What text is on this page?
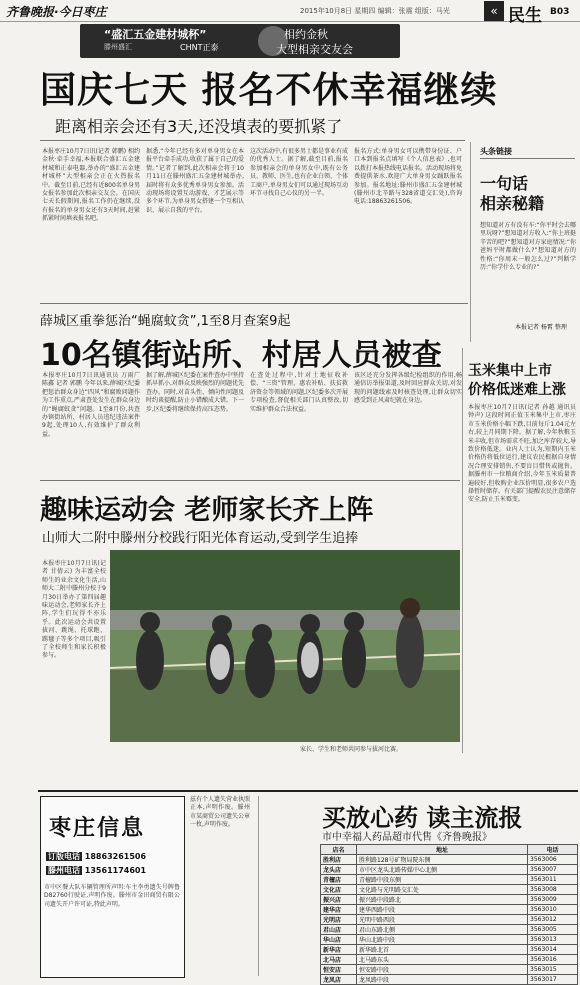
齐鲁晚报·今日枣庄	2015年10月8日 星期四 编辑：张震 组版：马光	« 民生 B03
“盛汇五金建材城杯”
滕州盛汇	CHNT正泰
相约金秋
大型相亲交友会
国庆七天 报名不休幸福继续
距离相亲会还有3天,还没填表的要抓紧了
本报枣庄10月7日讯(记者 韩鹏) 相约金秋·牵手幸福,本报联合盛汇五金建材城和正泰电器,举办的“盛汇五金建材城杯”大型相亲会正在火热报名中。截至目前,已经有近800名单身男女报名参加此次相亲交友会。在国庆七天长假期间,报名工作仍在继续,没有报名的单身男女还有3天时间,赶紧抓紧时间填表报名吧。
据悉,“今年已经有多对单身男女在本报平台牵手成功,收获了属于自己的爱情。”记者了解到,此次相亲会将于10月11日在滕州盛汇五金建材城举办,届时将有众多优秀单身男女参加。活动现场将设置互动游戏、才艺展示等多个环节,为单身男女搭建一个互相认识、展示自我的平台。
这次活动中,有很多男士都是事业有成的优秀人士。据了解,截至目前,报名参加相亲会的单身男女中,既有公务员、教师、医生,也有企业白领、个体工商户,单身男女们可以通过现场互动环节寻找自己心仪的另一半。
报名方式:单身男女可以携带身份证、户口本到报名点填写《个人信息表》,也可以拨打本报热线电话报名。活动现场将免费提供茶水,欢迎广大单身男女踊跃报名参加。报名地址:滕州市盛汇五金建材城(滕州市北辛路与328省道交汇处),咨询电话:18863261506。
头条链接
一句话
相亲秘籍
想知道对方有没有车:“你平时会去哪里玩呀?”想知道对方收入:“你上班挺辛苦的吧?”想知道对方家庭情况:“你爸妈平时都做什么?”想知道对方的性格:“你周末一般怎么过?”判断学历:“你学什么专业的?”
本报记者 杨霄 整理
薛城区重拳惩治“蝇腐蚊贪”,1至8月查案9起
10名镇街站所、村居人员被查
本报枣庄10月7日讯通讯员 万雨广 陈鑫 记者 郭鹏 今年以来,薛城区纪委把惩治群众身边“四风”和腐败问题作为工作重点,严肃查处发生在群众身边的“蝇腐蚊贪”问题。1至8月份,共查办镇街站所、村居人员违纪违法案件9起,处理10人,有效维护了群众利益。
据了解,薛城区纪委在案件查办中坚持抓早抓小,对群众反映强烈的问题优先查办。同时,对苗头性、倾向性问题及时约谈提醒,防止小错酿成大错。下一步,区纪委将继续保持高压态势。
在查处过程中,针对土地征收补偿、“三资”管理、惠农补贴、扶贫救济资金等领域的问题,区纪委多次开展专项检查,督促相关部门认真整改,切实维护群众合法权益。
该区还充分发挥各级纪检组织的作用,畅通信访举报渠道,及时回应群众关切,对发现的问题线索及时核查处理,让群众切实感受到正风肃纪就在身边。
玉米集中上市
价格低迷难上涨
本报枣庄10月7日讯(记者 孙越 通讯员 钟声) 这段时间正值玉米集中上市,枣庄市玉米价格小幅下跌,目前每斤1.04元左右,较上月同期下降。据了解,今年秋粮玉米丰收,但市场需求不旺,加之库存较大,导致价格低迷。业内人士认为,短期内玉米价格仍将低位运行,建议农民根据自身情况合理安排销售,不要盲目惜售或抛售。据滕州市一位粮商介绍,今年玉米质量普遍较好,但收购企业压价明显,很多农户选择暂时储存。有关部门提醒农民注意储存安全,防止玉米霉变。
趣味运动会 老师家长齐上阵
山师大二附中滕州分校践行阳光体育运动,受到学生追捧
本报枣庄10月7日讯(记者 甘倩云) 为丰富全校师生的业余文化生活,山师大二附中滕州分校于9月30日举办了第四届趣味运动会,老师家长齐上阵,学生们玩得不亦乐乎。此次运动会共设置拔河、跳绳、托球跑、踢毽子等多个项目,吸引了全校师生和家长积极参与。
家长、学生和老师共同参与拔河比赛。
枣庄信息
订版电话 18863261506
滕州电话 13561174601
市中区餐大队车辆管理所声明:车主李勇遗失号牌鲁D82760行驶证,声明作废。滕州市金田商贸有限公司遗失开户许可证,特此声明。
兹有个人遗失营业执照正本,声明作废。滕州市某商贸公司遗失公章一枚,声明作废。	买放心药 读主流报
市中幸福人药品超市代售《齐鲁晚报》
店名	地址	电话
胜利店	胜利路128号矿物局院东侧	3563006
龙头店	市中区龙头北路传媒中心北侧	3563007
青檀店	青檀路中段东侧	3563011
文化店	文化路与光明路交汇处	3563008
振兴店	振兴路中段路北	3563009
建华店	建华西路中段	3563010
光明店	光明中路西段	3563012
君山店	君山东路北侧	3563005
华山店	华山北路中段	3563013
新华店	新华路北首	3563014
北马店	北马路东头	3563016
恒安店	恒安路中段	3563015
龙凤店	龙凤路中段	3563017
